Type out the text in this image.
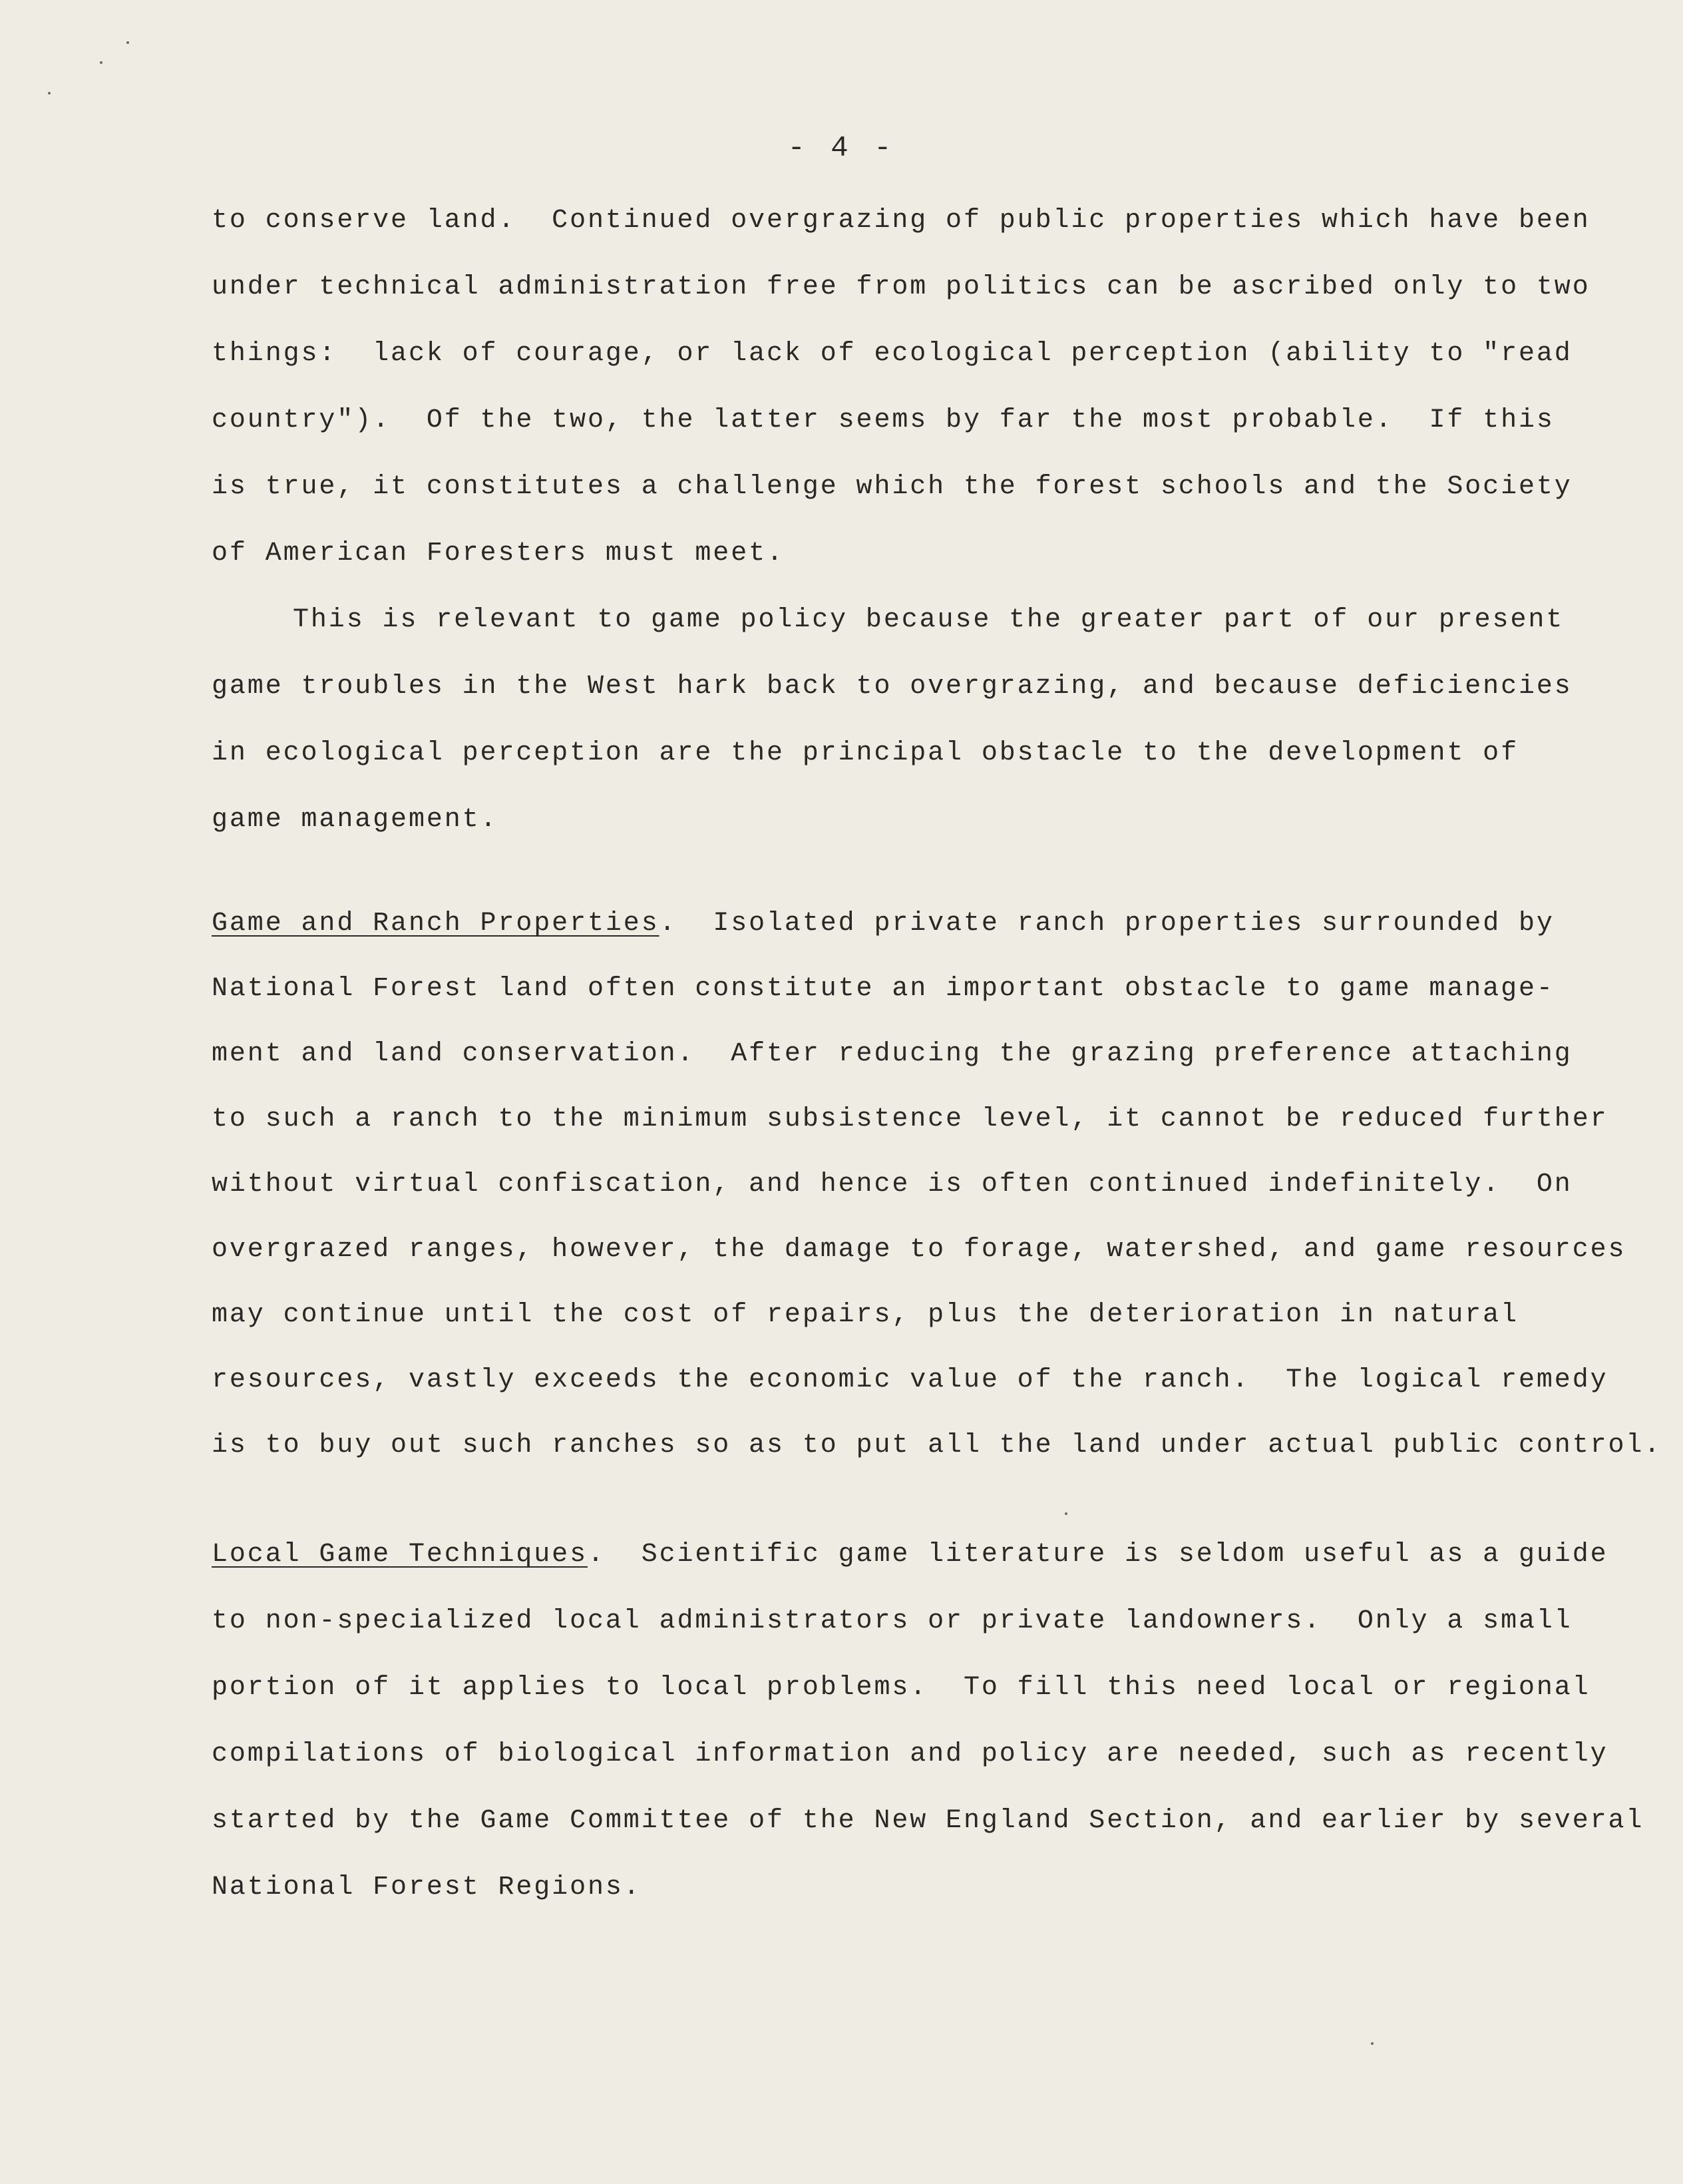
- 4 -
to conserve land.  Continued overgrazing of public properties which have been
under technical administration free from politics can be ascribed only to two
things:  lack of courage, or lack of ecological perception (ability to "read
country").  Of the two, the latter seems by far the most probable.  If this
is true, it constitutes a challenge which the forest schools and the Society
of American Foresters must meet.
This is relevant to game policy because the greater part of our present
game troubles in the West hark back to overgrazing, and because deficiencies
in ecological perception are the principal obstacle to the development of
game management.
Game and Ranch Properties.  Isolated private ranch properties surrounded by
National Forest land often constitute an important obstacle to game manage-
ment and land conservation.  After reducing the grazing preference attaching
to such a ranch to the minimum subsistence level, it cannot be reduced further
without virtual confiscation, and hence is often continued indefinitely.  On
overgrazed ranges, however, the damage to forage, watershed, and game resources
may continue until the cost of repairs, plus the deterioration in natural
resources, vastly exceeds the economic value of the ranch.  The logical remedy
is to buy out such ranches so as to put all the land under actual public control.
Local Game Techniques.  Scientific game literature is seldom useful as a guide
to non-specialized local administrators or private landowners.  Only a small
portion of it applies to local problems.  To fill this need local or regional
compilations of biological information and policy are needed, such as recently
started by the Game Committee of the New England Section, and earlier by several
National Forest Regions.
